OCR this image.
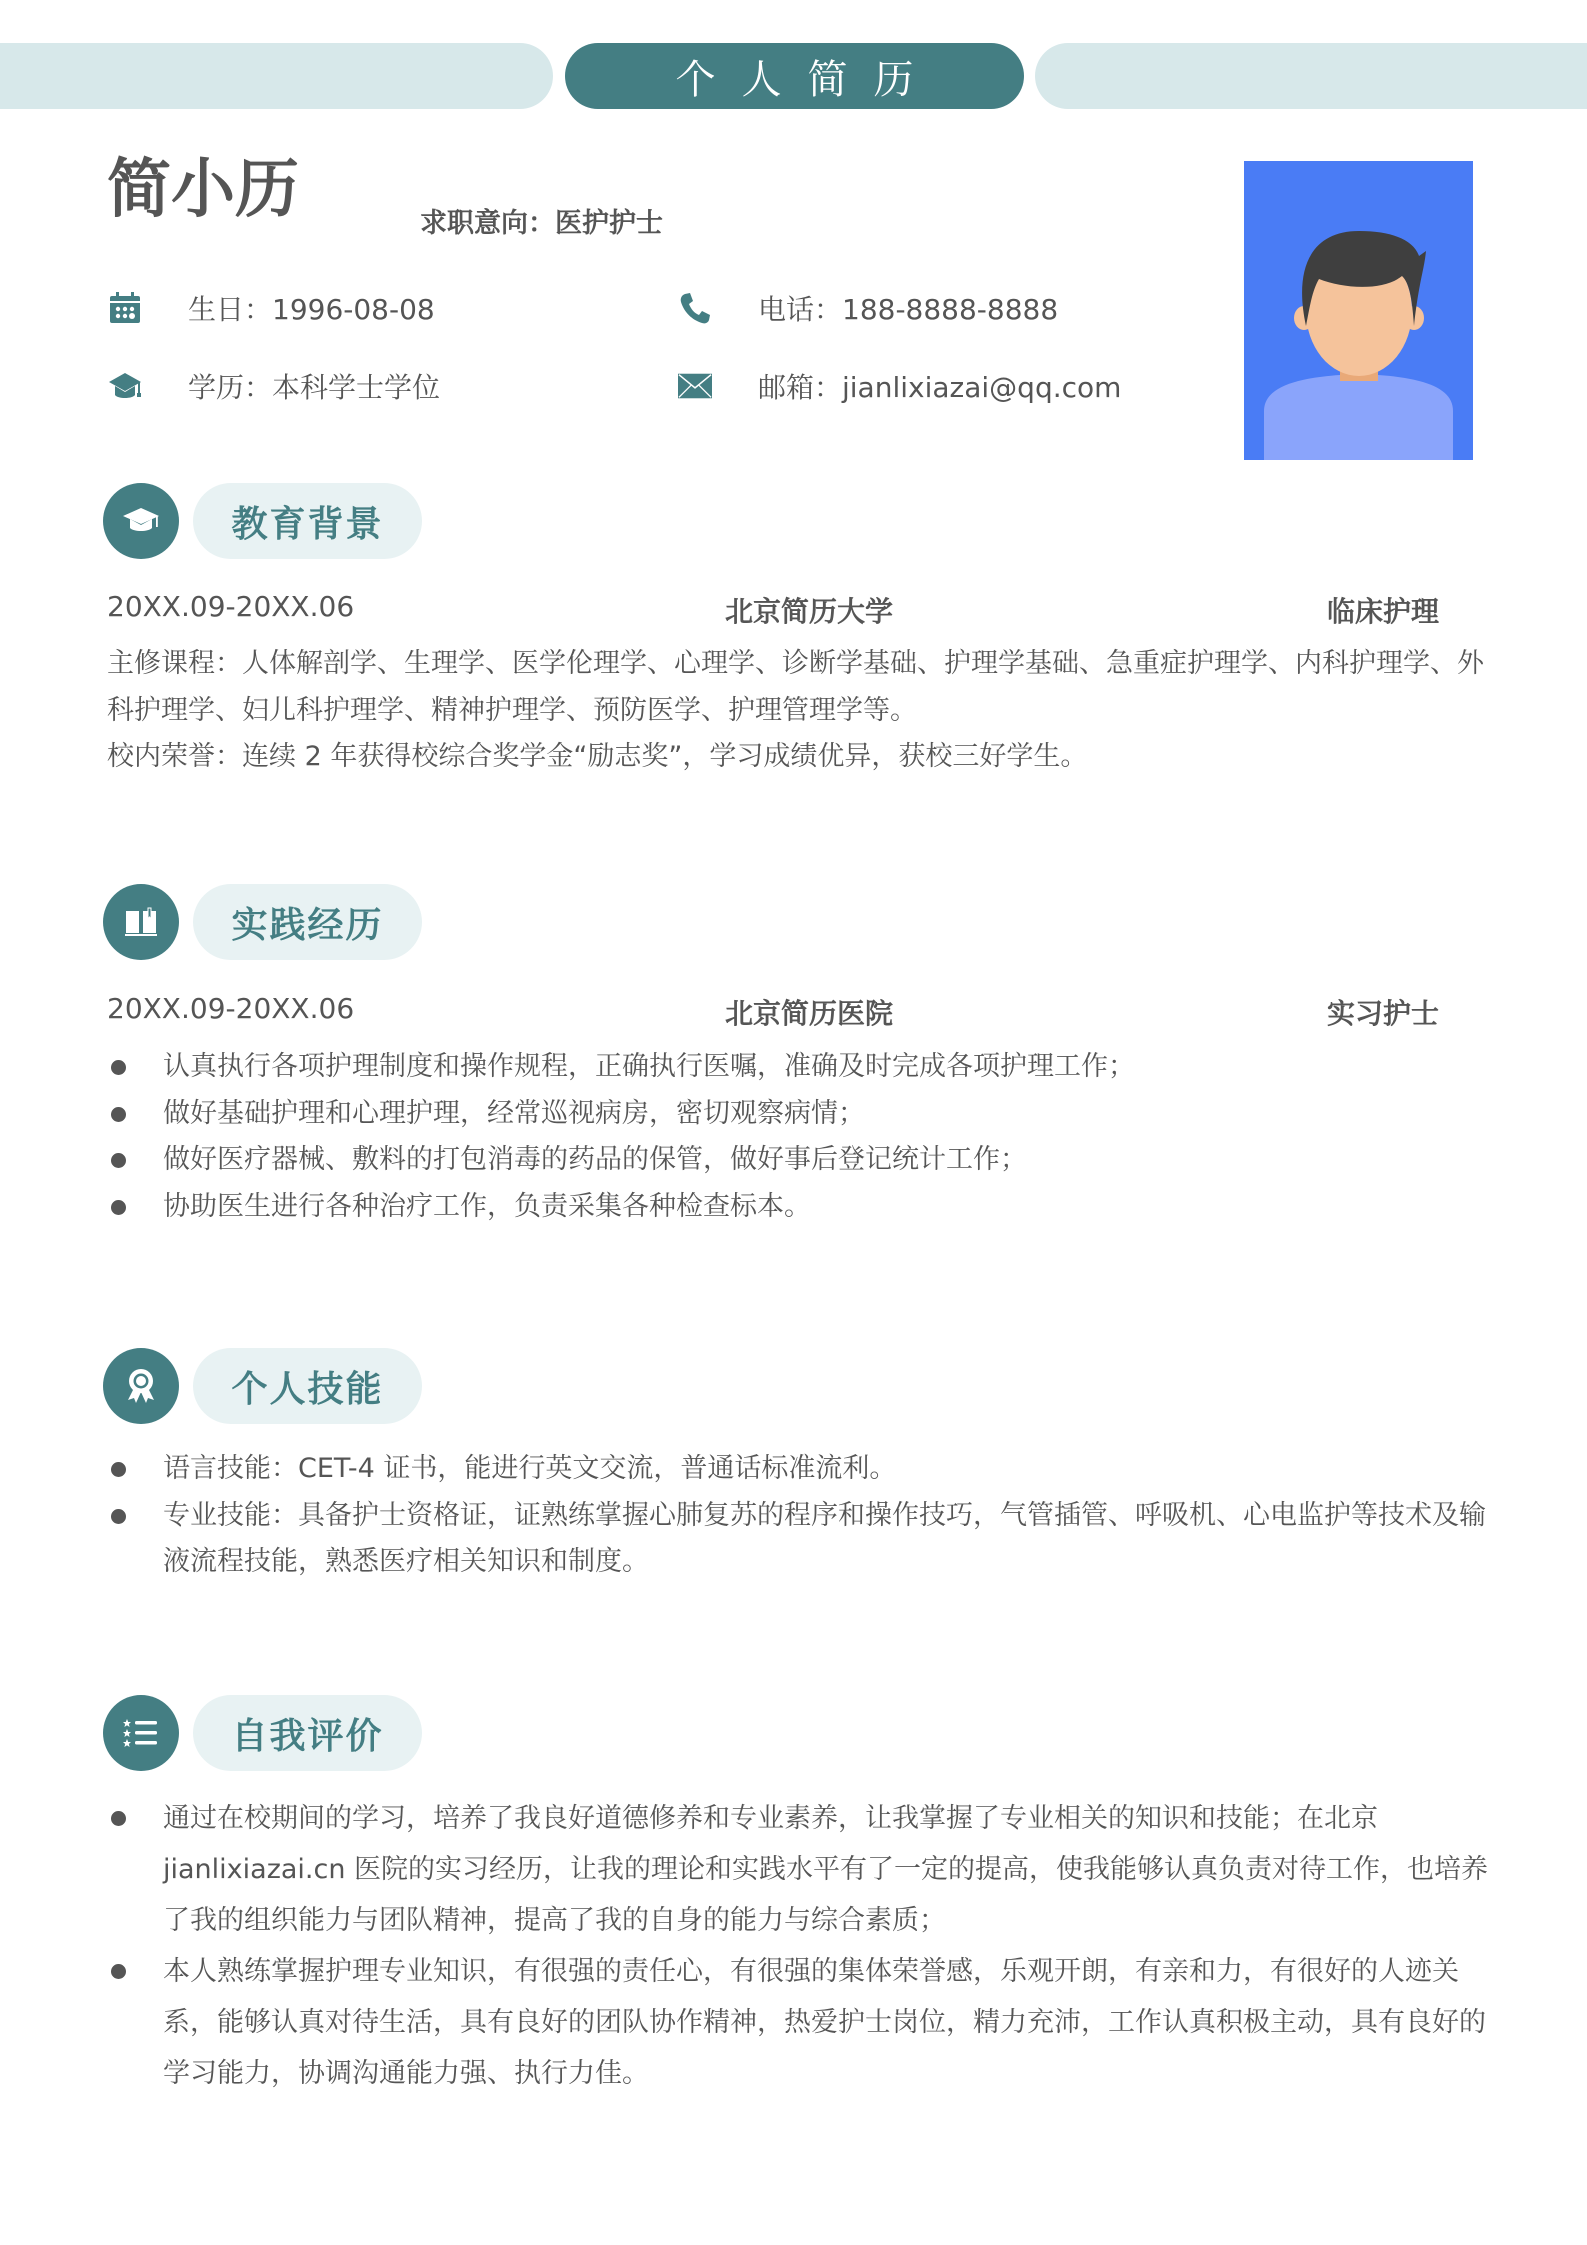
个人简历
简小历	求职意向：医护护士
生日：1996-08-08	电话：188-8888-8888
学历：本科学士学位	邮箱：jianlixiazai@qq.com
教育背景
20XX.09-20XX.06	北京简历大学	临床护理
主修课程：人体解剖学、生理学、医学伦理学、心理学、诊断学基础、护理学基础、急重症护理学、内科护理学、外科护理学、妇儿科护理学、精神护理学、预防医学、护理管理学等。
校内荣誉：连续 2 年获得校综合奖学金“励志奖”，学习成绩优异，获校三好学生。
实践经历
20XX.09-20XX.06	北京简历医院	实习护士
认真执行各项护理制度和操作规程，正确执行医嘱，准确及时完成各项护理工作；
做好基础护理和心理护理，经常巡视病房，密切观察病情；
做好医疗器械、敷料的打包消毒的药品的保管，做好事后登记统计工作；
协助医生进行各种治疗工作，负责采集各种检查标本。
个人技能
语言技能：CET-4 证书，能进行英文交流，普通话标准流利。
专业技能：具备护士资格证，证熟练掌握心肺复苏的程序和操作技巧，气管插管、呼吸机、心电监护等技术及输液流程技能，熟悉医疗相关知识和制度。
自我评价
通过在校期间的学习，培养了我良好道德修养和专业素养，让我掌握了专业相关的知识和技能；在北京 jianlixiazai.cn 医院的实习经历，让我的理论和实践水平有了一定的提高，使我能够认真负责对待工作，也培养了我的组织能力与团队精神，提高了我的自身的能力与综合素质；
本人熟练掌握护理专业知识，有很强的责任心，有很强的集体荣誉感，乐观开朗，有亲和力，有很好的人迹关系，能够认真对待生活，具有良好的团队协作精神，热爱护士岗位，精力充沛，工作认真积极主动，具有良好的学习能力，协调沟通能力强、执行力佳。
